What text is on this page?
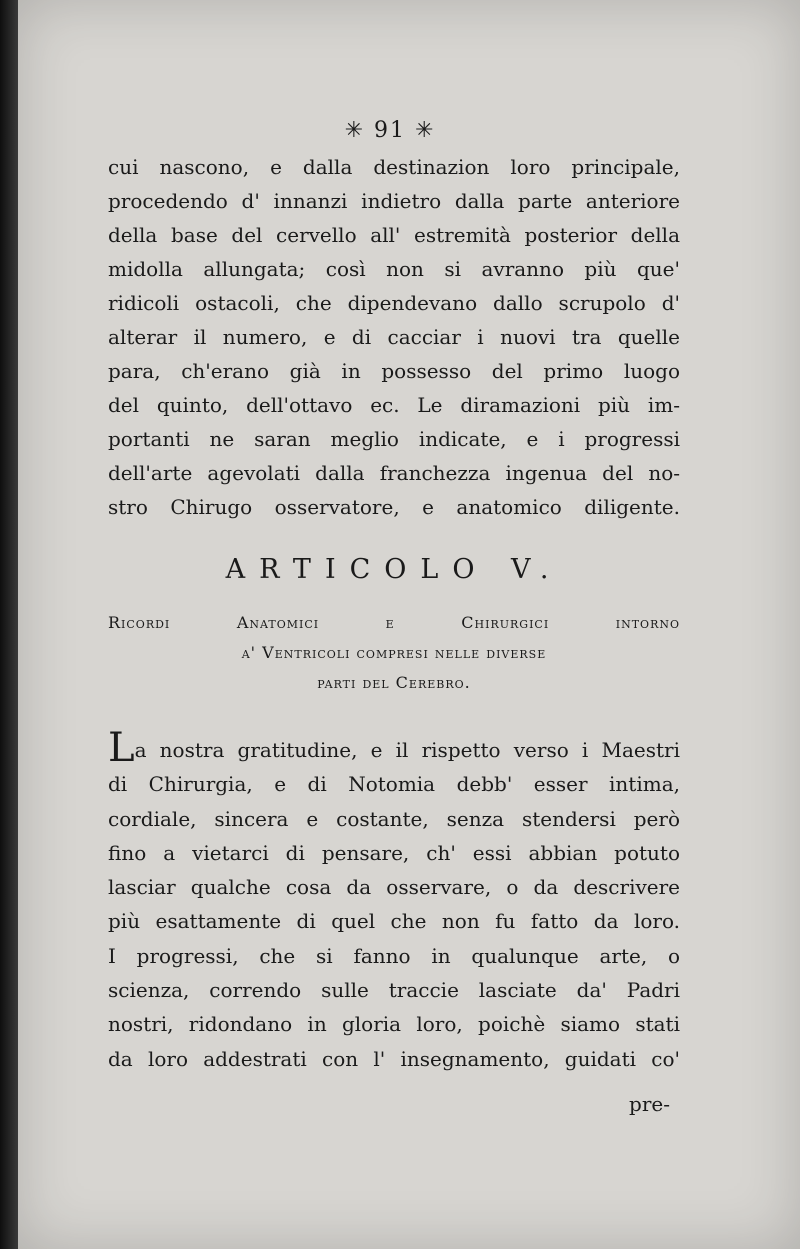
✳ 91 ✳
cui nascono, e dalla destinazion loro principale,
procedendo d' innanzi indietro dalla parte anteriore
della base del cervello all' estremità posterior della
midolla allungata; così non si avranno più que'
ridicoli ostacoli, che dipendevano dallo scrupolo d'
alterar il numero, e di cacciar i nuovi tra quelle
para, ch'erano già in possesso del primo luogo
del quinto, dell'ottavo ec. Le diramazioni più im-
portanti ne saran meglio indicate, e i progressi
dell'arte agevolati dalla franchezza ingenua del no-
stro Chirugo osservatore, e anatomico diligente.
ARTICOLO V.
Ricordi Anatomici e Chirurgici intorno
a' Ventricoli compresi nelle diverse
parti del Cerebro.
La nostra gratitudine, e il rispetto verso i Maestri
di Chirurgia, e di Notomia debb' esser intima,
cordiale, sincera e costante, senza stendersi però
fino a vietarci di pensare, ch' essi abbian potuto
lasciar qualche cosa da osservare, o da descrivere
più esattamente di quel che non fu fatto da loro.
I progressi, che si fanno in qualunque arte, o
scienza, correndo sulle traccie lasciate da' Padri
nostri, ridondano in gloria loro, poichè siamo stati
da loro addestrati con l' insegnamento, guidati co'
pre-
